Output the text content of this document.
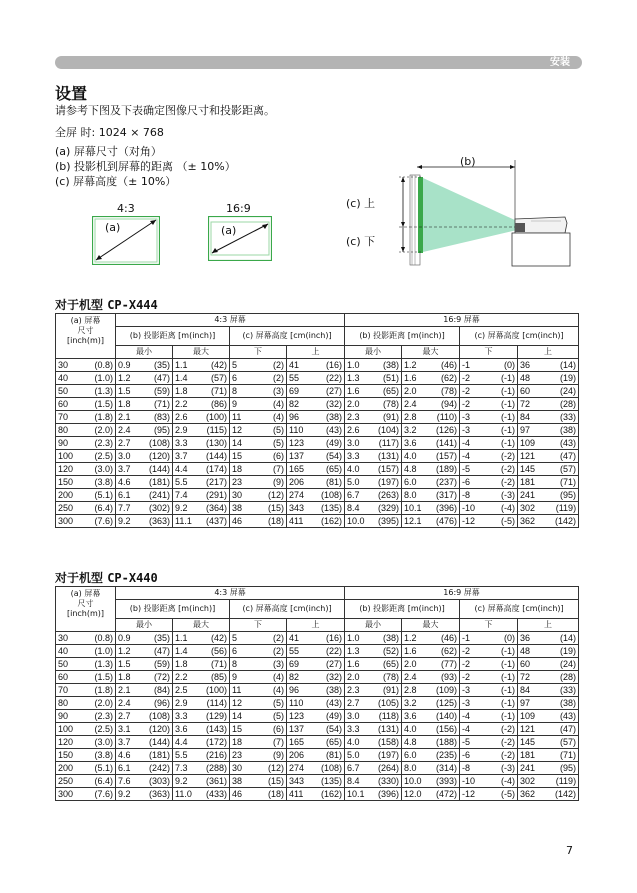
安装
设置
请参考下图及下表确定图像尺寸和投影距离。
全屏 时: 1024 × 768
(a) 屏幕尺寸（对角）
(b) 投影机到屏幕的距离 （± 10%）
(c) 屏幕高度（± 10%）
4:3
(a)
16:9
(a)
(b)
(c) 上
(c) 下
对于机型 CP-X444
(a) 屏幕
尺寸
[inch(m)]	4:3 屏幕				16:9 屏幕			
	(b) 投影距离 [m(inch)]		(c) 屏幕高度 [cm(inch)]		(b) 投影距离 [m(inch)]		(c) 屏幕高度 [cm(inch)]	
	最小	最大	下	上	最小	最大	下	上

30 (0.8)	0.9 (35)	1.1 (42)	5 (2)	41 (16)	1.0 (38)	1.2 (46)	-1 (0)	36 (14)

40 (1.0)	1.2 (47)	1.4 (57)	6 (2)	55 (22)	1.3 (51)	1.6 (62)	-2 (-1)	48 (19)

50 (1.3)	1.5 (59)	1.8 (71)	8 (3)	69 (27)	1.6 (65)	2.0 (78)	-2 (-1)	60 (24)

60 (1.5)	1.8 (71)	2.2 (86)	9 (4)	82 (32)	2.0 (78)	2.4 (94)	-2 (-1)	72 (28)

70 (1.8)	2.1 (83)	2.6 (100)	11 (4)	96 (38)	2.3 (91)	2.8 (110)	-3 (-1)	84 (33)

80 (2.0)	2.4 (95)	2.9 (115)	12 (5)	110 (43)	2.6 (104)	3.2 (126)	-3 (-1)	97 (38)

90 (2.3)	2.7 (108)	3.3 (130)	14 (5)	123 (49)	3.0 (117)	3.6 (141)	-4 (-1)	109 (43)

100 (2.5)	3.0 (120)	3.7 (144)	15 (6)	137 (54)	3.3 (131)	4.0 (157)	-4 (-2)	121 (47)

120 (3.0)	3.7 (144)	4.4 (174)	18 (7)	165 (65)	4.0 (157)	4.8 (189)	-5 (-2)	145 (57)

150 (3.8)	4.6 (181)	5.5 (217)	23 (9)	206 (81)	5.0 (197)	6.0 (237)	-6 (-2)	181 (71)

200 (5.1)	6.1 (241)	7.4 (291)	30 (12)	274 (108)	6.7 (263)	8.0 (317)	-8 (-3)	241 (95)

250 (6.4)	7.7 (302)	9.2 (364)	38 (15)	343 (135)	8.4 (329)	10.1 (396)	-10 (-4)	302 (119)

300 (7.6)	9.2 (363)	11.1 (437)	46 (18)	411 (162)	10.0 (395)	12.1 (476)	-12 (-5)	362 (142)
对于机型 CP-X440
(a) 屏幕
尺寸
[inch(m)]	4:3 屏幕				16:9 屏幕			
	(b) 投影距离 [m(inch)]		(c) 屏幕高度 [cm(inch)]		(b) 投影距离 [m(inch)]		(c) 屏幕高度 [cm(inch)]	
	最小	最大	下	上	最小	最大	下	上

30 (0.8)	0.9 (35)	1.1 (42)	5 (2)	41 (16)	1.0 (38)	1.2 (46)	-1 (0)	36 (14)

40 (1.0)	1.2 (47)	1.4 (56)	6 (2)	55 (22)	1.3 (52)	1.6 (62)	-2 (-1)	48 (19)

50 (1.3)	1.5 (59)	1.8 (71)	8 (3)	69 (27)	1.6 (65)	2.0 (77)	-2 (-1)	60 (24)

60 (1.5)	1.8 (72)	2.2 (85)	9 (4)	82 (32)	2.0 (78)	2.4 (93)	-2 (-1)	72 (28)

70 (1.8)	2.1 (84)	2.5 (100)	11 (4)	96 (38)	2.3 (91)	2.8 (109)	-3 (-1)	84 (33)

80 (2.0)	2.4 (96)	2.9 (114)	12 (5)	110 (43)	2.7 (105)	3.2 (125)	-3 (-1)	97 (38)

90 (2.3)	2.7 (108)	3.3 (129)	14 (5)	123 (49)	3.0 (118)	3.6 (140)	-4 (-1)	109 (43)

100 (2.5)	3.1 (120)	3.6 (143)	15 (6)	137 (54)	3.3 (131)	4.0 (156)	-4 (-2)	121 (47)

120 (3.0)	3.7 (144)	4.4 (172)	18 (7)	165 (65)	4.0 (158)	4.8 (188)	-5 (-2)	145 (57)

150 (3.8)	4.6 (181)	5.5 (216)	23 (9)	206 (81)	5.0 (197)	6.0 (235)	-6 (-2)	181 (71)

200 (5.1)	6.1 (242)	7.3 (288)	30 (12)	274 (108)	6.7 (264)	8.0 (314)	-8 (-3)	241 (95)

250 (6.4)	7.6 (303)	9.2 (361)	38 (15)	343 (135)	8.4 (330)	10.0 (393)	-10 (-4)	302 (119)

300 (7.6)	9.2 (363)	11.0 (433)	46 (18)	411 (162)	10.1 (396)	12.0 (472)	-12 (-5)	362 (142)
7
